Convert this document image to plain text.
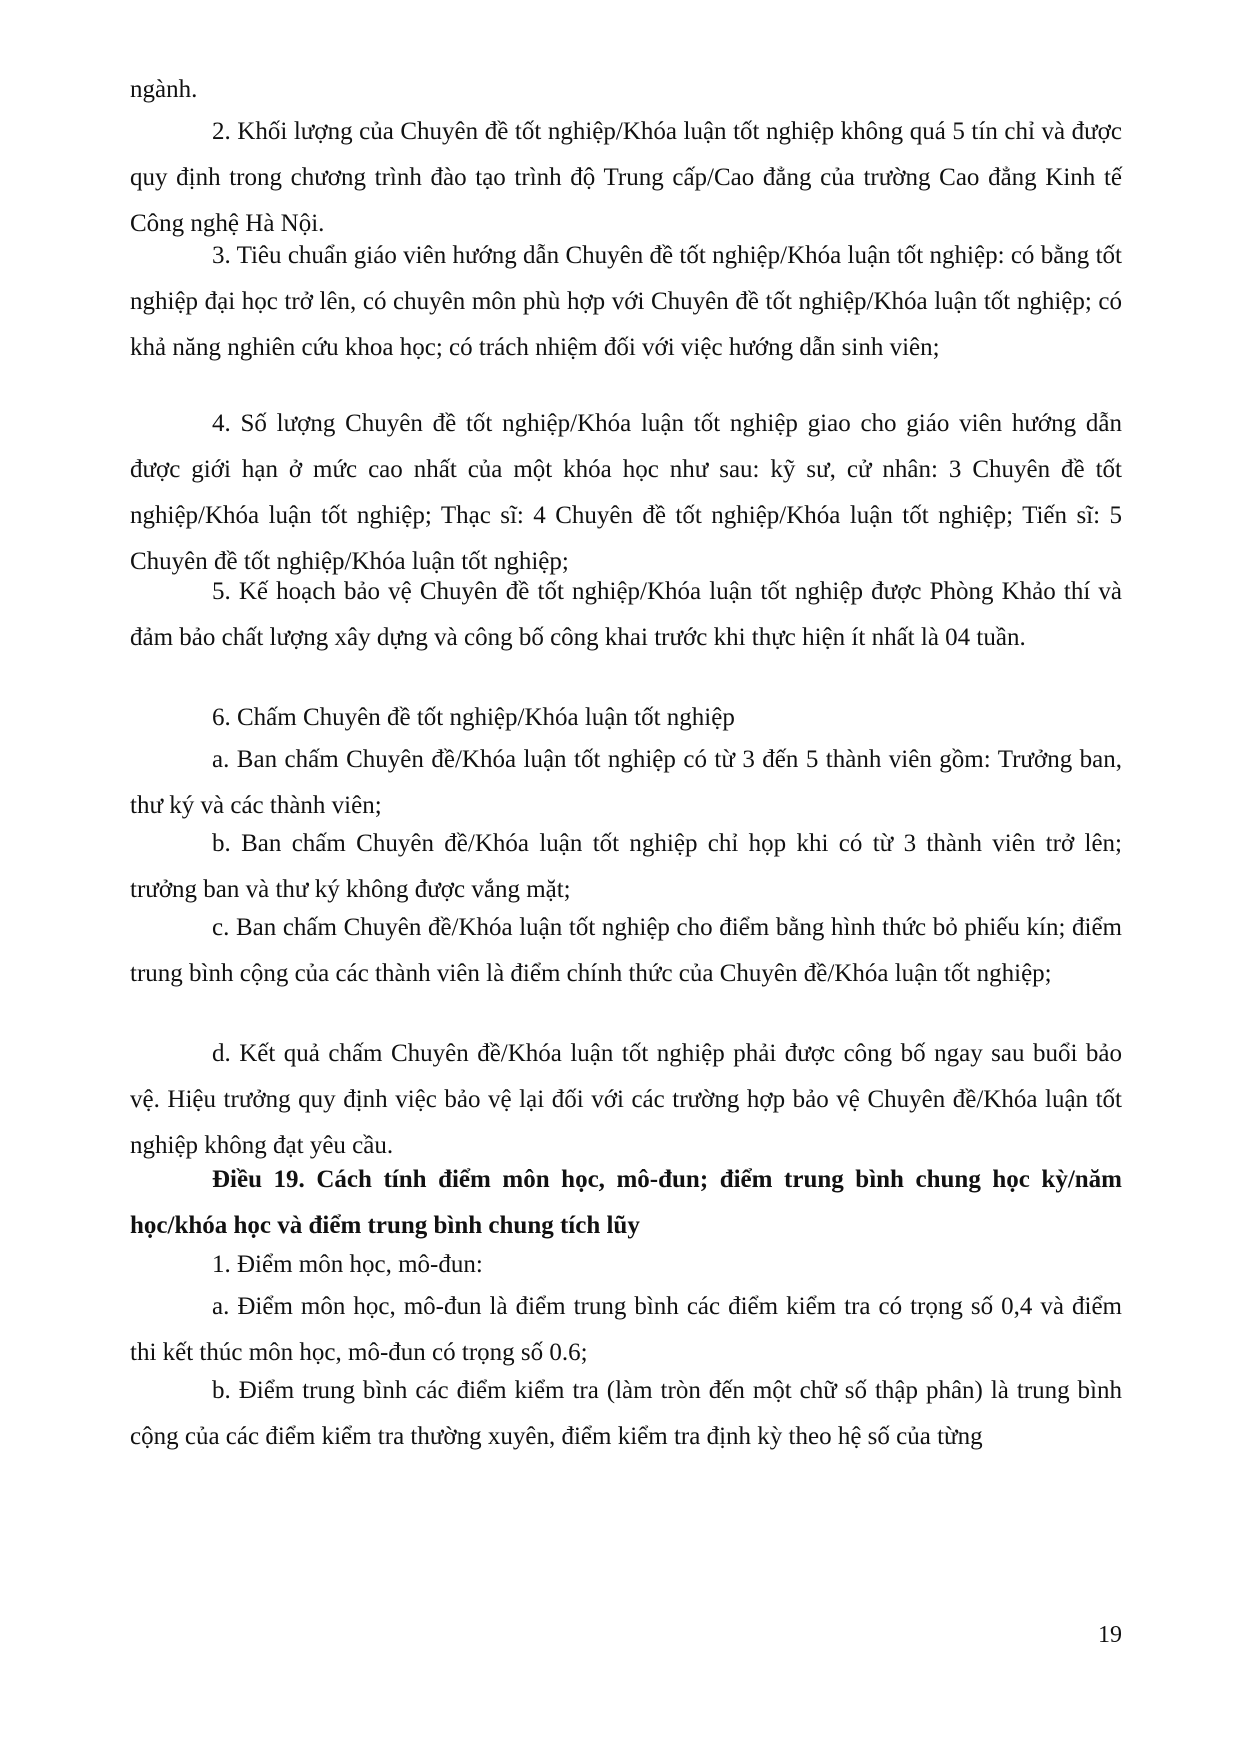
ngành.

2. Khối lượng của Chuyên đề tốt nghiệp/Khóa luận tốt nghiệp không quá 5 tín chỉ và được quy định trong chương trình đào tạo trình độ Trung cấp/Cao đẳng của trường Cao đẳng Kinh tế Công nghệ Hà Nội.

3. Tiêu chuẩn giáo viên hướng dẫn Chuyên đề tốt nghiệp/Khóa luận tốt nghiệp: có bằng tốt nghiệp đại học trở lên, có chuyên môn phù hợp với Chuyên đề tốt nghiệp/Khóa luận tốt nghiệp; có khả năng nghiên cứu khoa học; có trách nhiệm đối với việc hướng dẫn sinh viên;

4. Số lượng Chuyên đề tốt nghiệp/Khóa luận tốt nghiệp giao cho giáo viên hướng dẫn được giới hạn ở mức cao nhất của một khóa học như sau: kỹ sư, cử nhân: 3 Chuyên đề tốt nghiệp/Khóa luận tốt nghiệp; Thạc sĩ: 4 Chuyên đề tốt nghiệp/Khóa luận tốt nghiệp; Tiến sĩ: 5 Chuyên đề tốt nghiệp/Khóa luận tốt nghiệp;

5. Kế hoạch bảo vệ Chuyên đề tốt nghiệp/Khóa luận tốt nghiệp được Phòng Khảo thí và đảm bảo chất lượng xây dựng và công bố công khai trước khi thực hiện ít nhất là 04 tuần.

6. Chấm Chuyên đề tốt nghiệp/Khóa luận tốt nghiệp

a. Ban chấm Chuyên đề/Khóa luận tốt nghiệp có từ 3 đến 5 thành viên gồm: Trưởng ban, thư ký và các thành viên;

b. Ban chấm Chuyên đề/Khóa luận tốt nghiệp chỉ họp khi có từ 3 thành viên trở lên; trưởng ban và thư ký không được vắng mặt;

c. Ban chấm Chuyên đề/Khóa luận tốt nghiệp cho điểm bằng hình thức bỏ phiếu kín; điểm trung bình cộng của các thành viên là điểm chính thức của Chuyên đề/Khóa luận tốt nghiệp;

d. Kết quả chấm Chuyên đề/Khóa luận tốt nghiệp phải được công bố ngay sau buổi bảo vệ. Hiệu trưởng quy định việc bảo vệ lại đối với các trường hợp bảo vệ Chuyên đề/Khóa luận tốt nghiệp không đạt yêu cầu.

Điều 19. Cách tính điểm môn học, mô-đun; điểm trung bình chung học kỳ/năm học/khóa học và điểm trung bình chung tích lũy

1. Điểm môn học, mô-đun:

a. Điểm môn học, mô-đun là điểm trung bình các điểm kiểm tra có trọng số 0,4 và điểm thi kết thúc môn học, mô-đun có trọng số 0.6;

b. Điểm trung bình các điểm kiểm tra (làm tròn đến một chữ số thập phân) là trung bình cộng của các điểm kiểm tra thường xuyên, điểm kiểm tra định kỳ theo hệ số của từng

19
